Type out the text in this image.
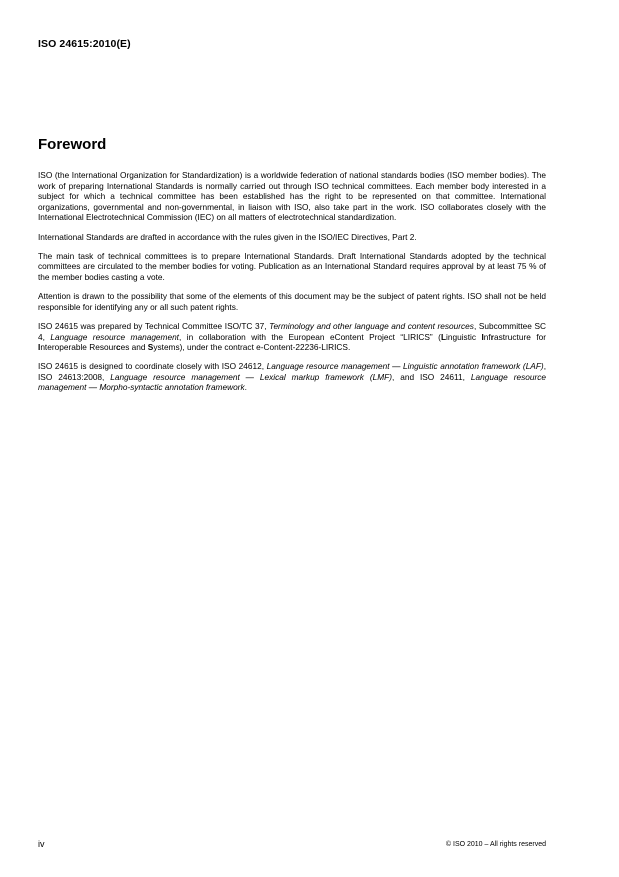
ISO 24615:2010(E)
Foreword

ISO (the International Organization for Standardization) is a worldwide federation of national standards bodies (ISO member bodies). The work of preparing International Standards is normally carried out through ISO technical committees. Each member body interested in a subject for which a technical committee has been established has the right to be represented on that committee. International organizations, governmental and non-governmental, in liaison with ISO, also take part in the work. ISO collaborates closely with the International Electrotechnical Commission (IEC) on all matters of electrotechnical standardization.

International Standards are drafted in accordance with the rules given in the ISO/IEC Directives, Part 2.

The main task of technical committees is to prepare International Standards. Draft International Standards adopted by the technical committees are circulated to the member bodies for voting. Publication as an International Standard requires approval by at least 75 % of the member bodies casting a vote.

Attention is drawn to the possibility that some of the elements of this document may be the subject of patent rights. ISO shall not be held responsible for identifying any or all such patent rights.

ISO 24615 was prepared by Technical Committee ISO/TC 37, Terminology and other language and content resources, Subcommittee SC 4, Language resource management, in collaboration with the European eContent Project “LIRICS” (Linguistic Infrastructure for Interoperable Resources and Systems), under the contract e-Content-22236-LIRICS.

ISO 24615 is designed to coordinate closely with ISO 24612, Language resource management — Linguistic annotation framework (LAF), ISO 24613:2008, Language resource management — Lexical markup framework (LMF), and ISO 24611, Language resource management — Morpho-syntactic annotation framework.

iv	© ISO 2010 – All rights reserved
